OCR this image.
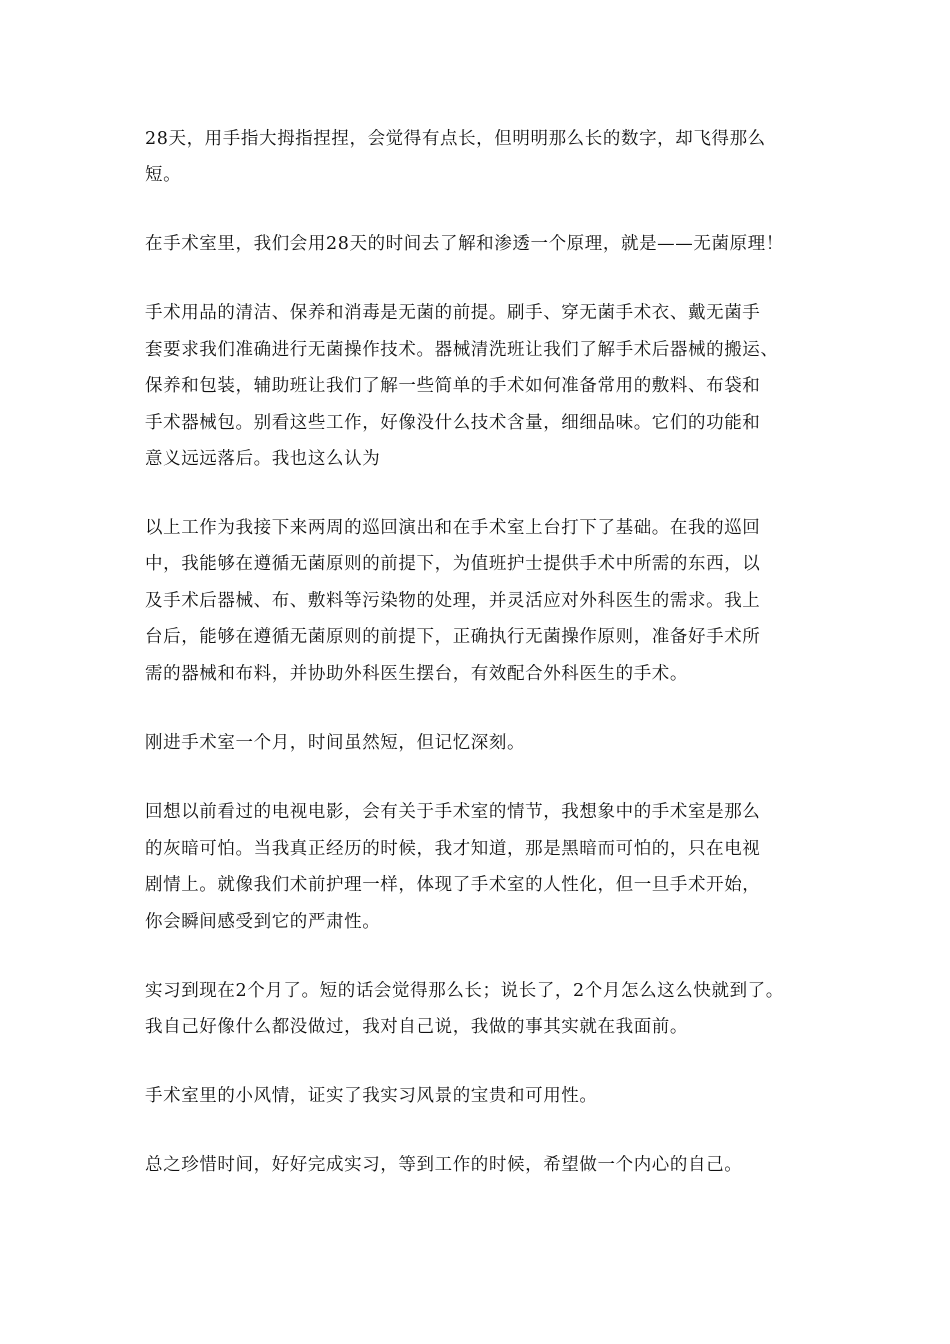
28天，用手指大拇指捏捏，会觉得有点长，但明明那么长的数字，却飞得那么
短。
在手术室里，我们会用28天的时间去了解和渗透一个原理，就是——无菌原理！
手术用品的清洁、保养和消毒是无菌的前提。刷手、穿无菌手术衣、戴无菌手
套要求我们准确进行无菌操作技术。器械清洗班让我们了解手术后器械的搬运、
保养和包装，辅助班让我们了解一些简单的手术如何准备常用的敷料、布袋和
手术器械包。别看这些工作，好像没什么技术含量，细细品味。它们的功能和
意义远远落后。我也这么认为
以上工作为我接下来两周的巡回演出和在手术室上台打下了基础。在我的巡回
中，我能够在遵循无菌原则的前提下，为值班护士提供手术中所需的东西，以
及手术后器械、布、敷料等污染物的处理，并灵活应对外科医生的需求。我上
台后，能够在遵循无菌原则的前提下，正确执行无菌操作原则，准备好手术所
需的器械和布料，并协助外科医生摆台，有效配合外科医生的手术。
刚进手术室一个月，时间虽然短，但记忆深刻。
回想以前看过的电视电影，会有关于手术室的情节，我想象中的手术室是那么
的灰暗可怕。当我真正经历的时候，我才知道，那是黑暗而可怕的，只在电视
剧情上。就像我们术前护理一样，体现了手术室的人性化，但一旦手术开始，
你会瞬间感受到它的严肃性。
实习到现在2个月了。短的话会觉得那么长；说长了，2个月怎么这么快就到了。
我自己好像什么都没做过，我对自己说，我做的事其实就在我面前。
手术室里的小风情，证实了我实习风景的宝贵和可用性。
总之珍惜时间，好好完成实习，等到工作的时候，希望做一个内心的自己。
